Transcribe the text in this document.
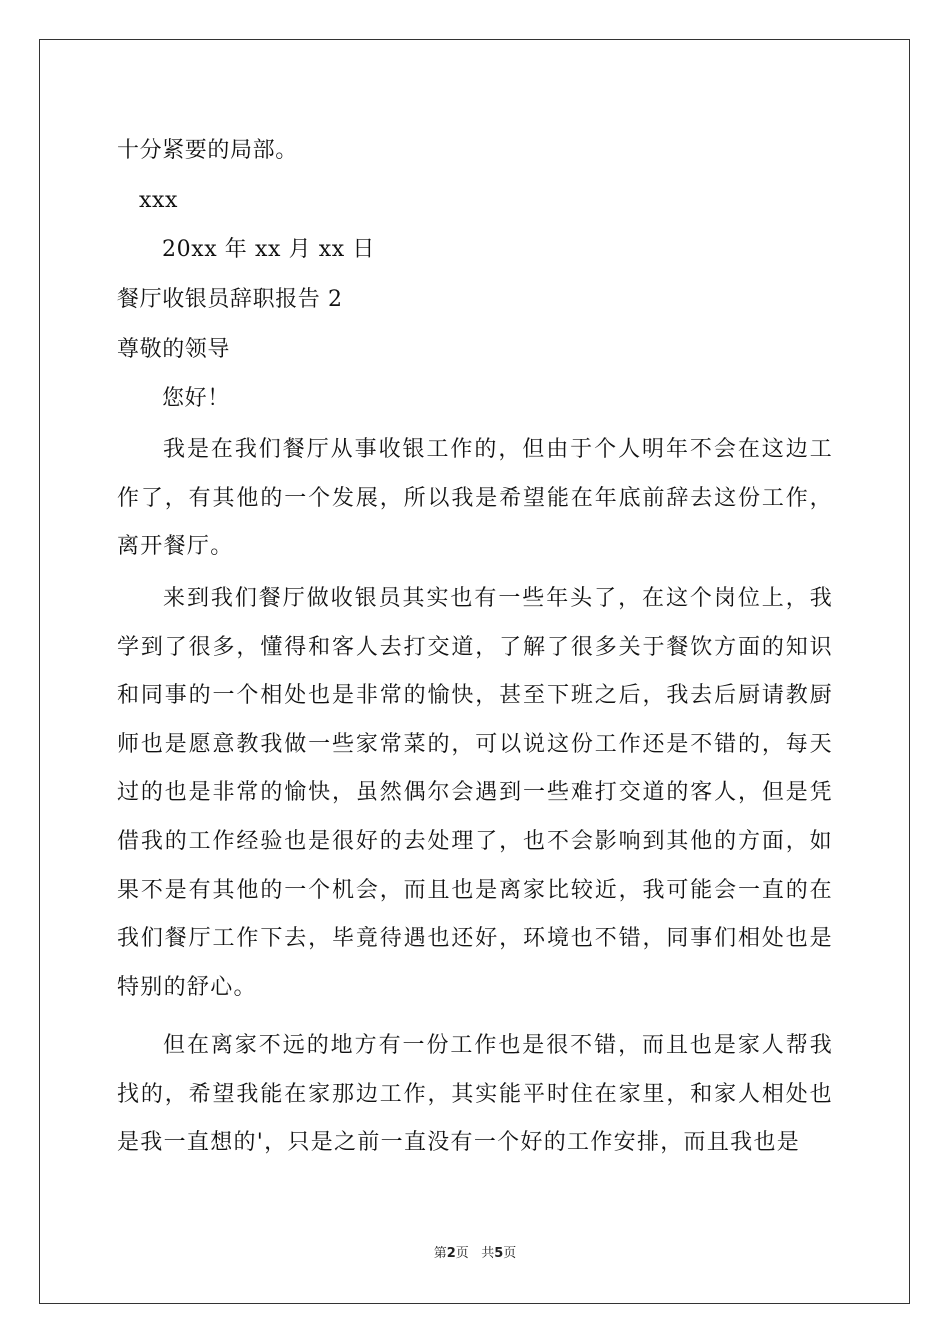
十分紧要的局部。
xxx
20xx 年 xx 月 xx 日
餐厅收银员辞职报告 2
尊敬的领导
您好！
我是在我们餐厅从事收银工作的，但由于个人明年不会在这边工作了，有其他的一个发展，所以我是希望能在年底前辞去这份工作，离开餐厅。
来到我们餐厅做收银员其实也有一些年头了，在这个岗位上，我学到了很多，懂得和客人去打交道，了解了很多关于餐饮方面的知识和同事的一个相处也是非常的愉快，甚至下班之后，我去后厨请教厨师也是愿意教我做一些家常菜的，可以说这份工作还是不错的，每天过的也是非常的愉快，虽然偶尔会遇到一些难打交道的客人，但是凭借我的工作经验也是很好的去处理了，也不会影响到其他的方面，如果不是有其他的一个机会，而且也是离家比较近，我可能会一直的在我们餐厅工作下去，毕竟待遇也还好，环境也不错，同事们相处也是特别的舒心。
但在离家不远的地方有一份工作也是很不错，而且也是家人帮我找的，希望我能在家那边工作，其实能平时住在家里，和家人相处也是我一直想的'，只是之前一直没有一个好的工作安排，而且我也是
第2页 共5页
